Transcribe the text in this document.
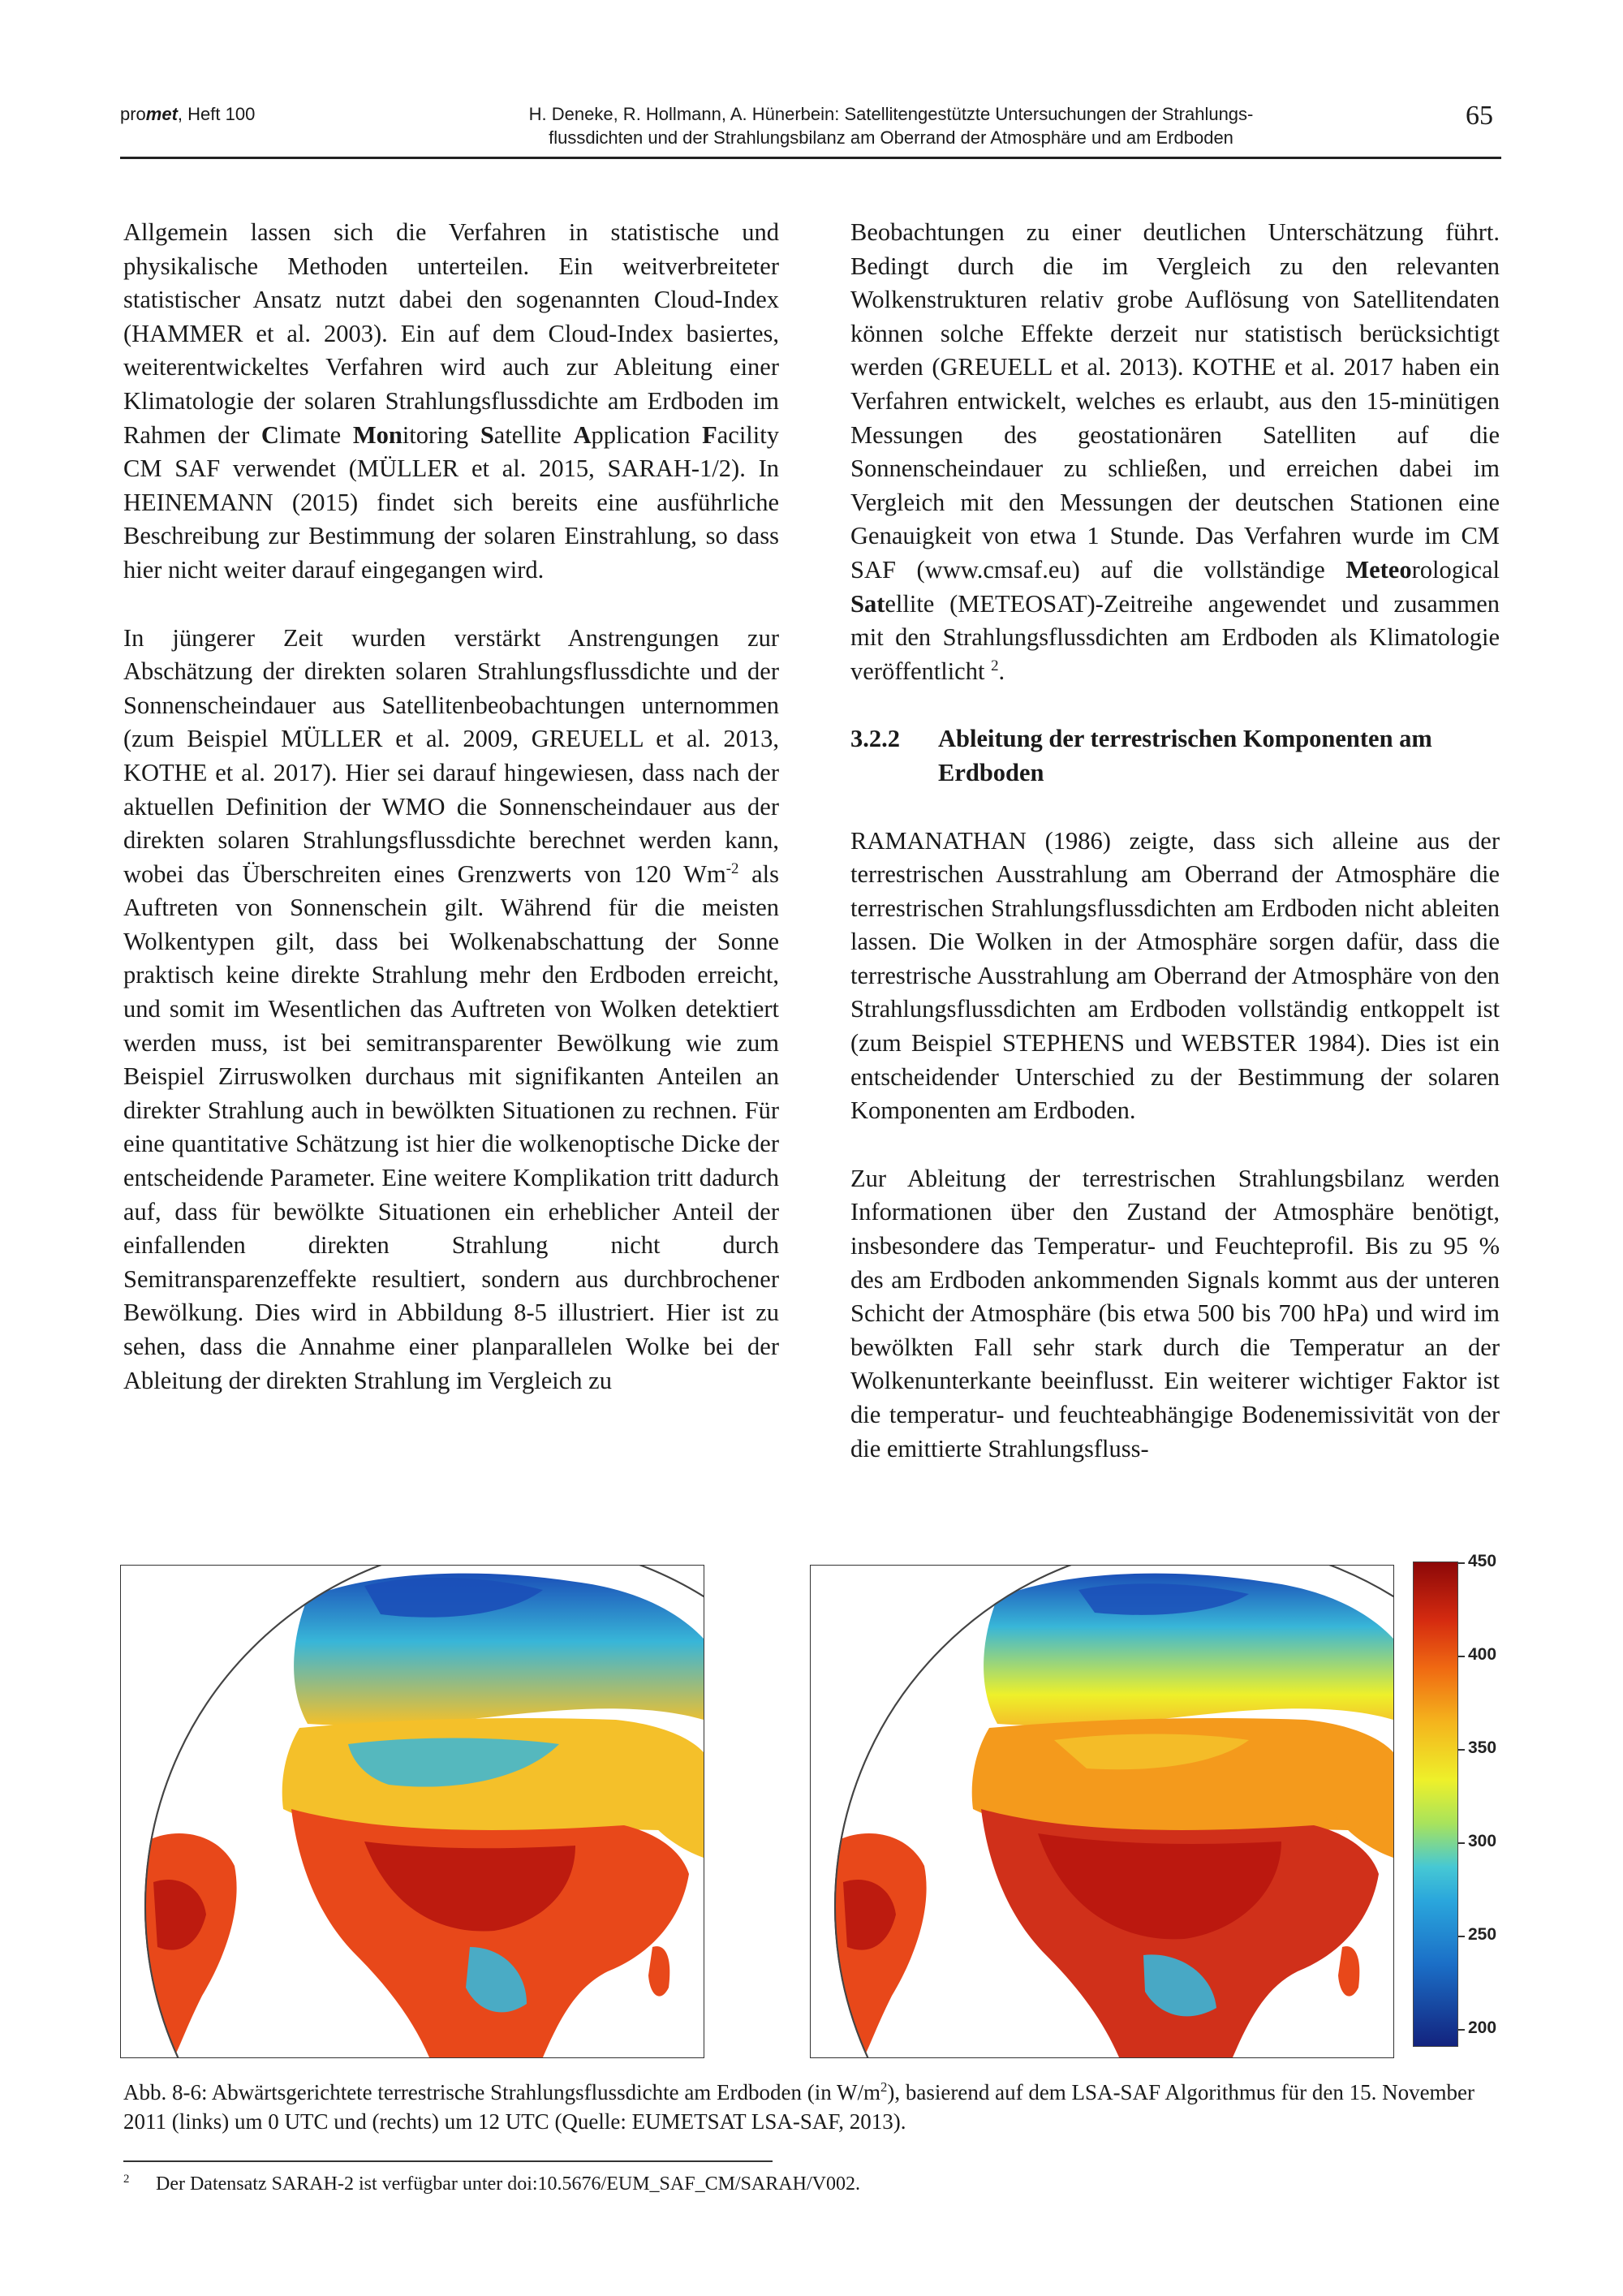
promet, Heft 100	H. Deneke, R. Hollmann, A. Hünerbein: Satellitengestützte Untersuchungen der Strahlungs-
flussdichten und der Strahlungsbilanz am Oberrand der Atmosphäre und am Erdboden
65

Allgemein lassen sich die Verfahren in statistische und physikalische Methoden unterteilen. Ein weitverbreiteter statistischer Ansatz nutzt dabei den sogenannten Cloud-Index (HAMMER et al. 2003). Ein auf dem Cloud-Index basiertes, weiterentwickeltes Verfahren wird auch zur Ableitung einer Klimatologie der solaren Strahlungsflussdichte am Erdboden im Rahmen der Climate Monitoring Satellite Application Facility CM SAF verwendet (MÜLLER et al. 2015, SARAH-1/2). In HEINEMANN (2015) findet sich bereits eine ausführliche Beschreibung zur Bestimmung der solaren Einstrahlung, so dass hier nicht weiter darauf eingegangen wird.

In jüngerer Zeit wurden verstärkt Anstrengungen zur Abschätzung der direkten solaren Strahlungsflussdichte und der Sonnenscheindauer aus Satellitenbeobachtungen unternommen (zum Beispiel MÜLLER et al. 2009, GREUELL et al. 2013, KOTHE et al. 2017). Hier sei darauf hingewiesen, dass nach der aktuellen Definition der WMO die Sonnenscheindauer aus der direkten solaren Strahlungsflussdichte berechnet werden kann, wobei das Überschreiten eines Grenzwerts von 120 $Wm^{-2}$ als Auftreten von Sonnenschein gilt. Während für die meisten Wolkentypen gilt, dass bei Wolkenabschattung der Sonne praktisch keine direkte Strahlung mehr den Erdboden erreicht, und somit im Wesentlichen das Auftreten von Wolken detektiert werden muss, ist bei semitransparenter Bewölkung wie zum Beispiel Zirruswolken durchaus mit signifikanten Anteilen an direkter Strahlung auch in bewölkten Situationen zu rechnen. Für eine quantitative Schätzung ist hier die wolkenoptische Dicke der entscheidende Parameter. Eine weitere Komplikation tritt dadurch auf, dass für bewölkte Situationen ein erheblicher Anteil der einfallenden direkten Strahlung nicht durch Semitransparenzeffekte resultiert, sondern aus durchbrochener Bewölkung. Dies wird in Abbildung 8-5 illustriert. Hier ist zu sehen, dass die Annahme einer planparallelen Wolke bei der Ableitung der direkten Strahlung im Vergleich zu

Beobachtungen zu einer deutlichen Unterschätzung führt. Bedingt durch die im Vergleich zu den relevanten Wolkenstrukturen relativ grobe Auflösung von Satellitendaten können solche Effekte derzeit nur statistisch berücksichtigt werden (GREUELL et al. 2013). KOTHE et al. 2017 haben ein Verfahren entwickelt, welches es erlaubt, aus den 15-minütigen Messungen des geostationären Satelliten auf die Sonnenscheindauer zu schließen, und erreichen dabei im Vergleich mit den Messungen der deutschen Stationen eine Genauigkeit von etwa 1 Stunde. Das Verfahren wurde im CM SAF (www.cmsaf.eu) auf die vollständige Meteorological Satellite (METEOSAT)-Zeitreihe angewendet und zusammen mit den Strahlungsflussdichten am Erdboden als Klimatologie veröffentlicht $^2$.

3.2.2	Ableitung der terrestrischen Komponenten am Erdboden

RAMANATHAN (1986) zeigte, dass sich alleine aus der terrestrischen Ausstrahlung am Oberrand der Atmosphäre die terrestrischen Strahlungsflussdichten am Erdboden nicht ableiten lassen. Die Wolken in der Atmosphäre sorgen dafür, dass die terrestrische Ausstrahlung am Oberrand der Atmosphäre von den Strahlungsflussdichten am Erdboden vollständig entkoppelt ist (zum Beispiel STEPHENS und WEBSTER 1984). Dies ist ein entscheidender Unterschied zu der Bestimmung der solaren Komponenten am Erdboden.

Zur Ableitung der terrestrischen Strahlungsbilanz werden Informationen über den Zustand der Atmosphäre benötigt, insbesondere das Temperatur- und Feuchteprofil. Bis zu 95 % des am Erdboden ankommenden Signals kommt aus der unteren Schicht der Atmosphäre (bis etwa 500 bis 700 hPa) und wird im bewölkten Fall sehr stark durch die Temperatur an der Wolkenunterkante beeinflusst. Ein weiterer wichtiger Faktor ist die temperatur- und feuchteabhängige Bodenemissivität von der die emittierte Strahlungsfluss-

450
400
350
300
250
200
Abb. 8-6: Abwärtsgerichtete terrestrische Strahlungsflussdichte am Erdboden (in $W/m^2$), basierend auf dem LSA-SAF Algorithmus für den 15. November 2011 (links) um 0 UTC und (rechts) um 12 UTC (Quelle: EUMETSAT LSA-SAF, 2013).
$^2$ Der Datensatz SARAH-2 ist verfügbar unter doi:10.5676/EUM_SAF_CM/SARAH/V002.
